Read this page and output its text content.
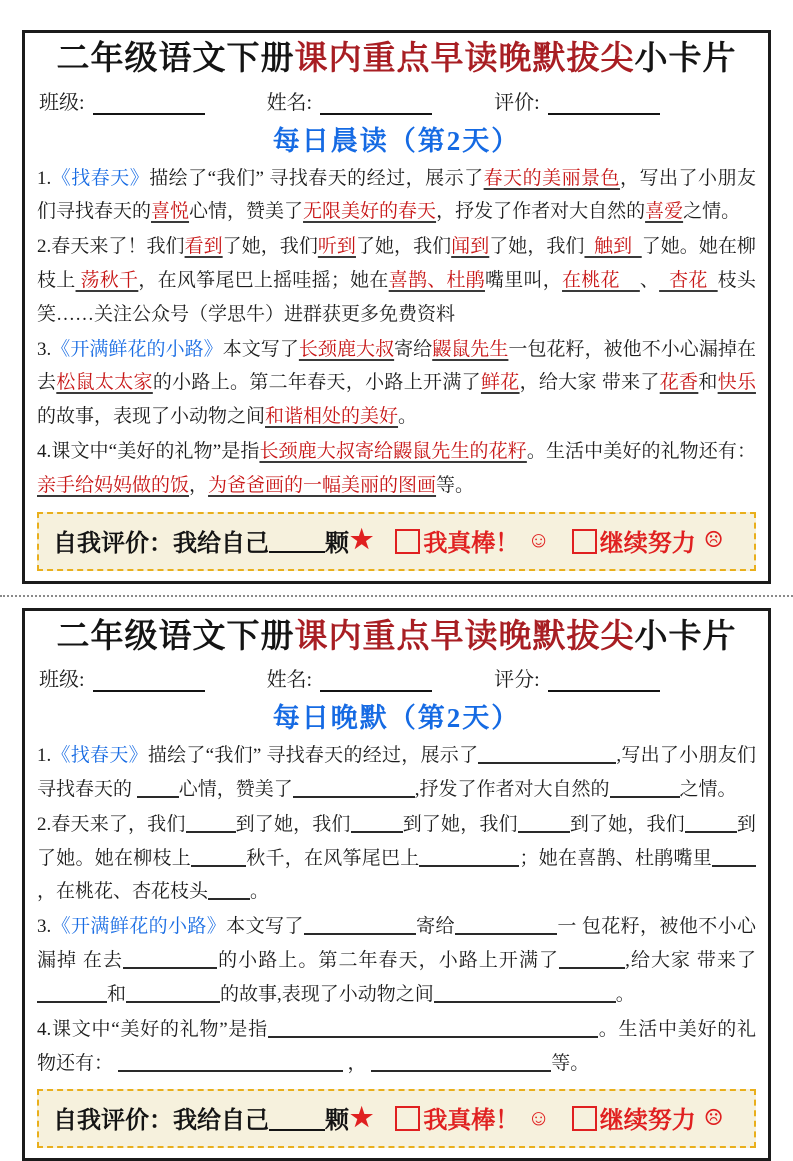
二年级语文下册课内重点早读晚默拔尖小卡片
班级:	姓名:	评价:
每日晨读（第2天）
1.《找春天》描绘了“我们” 寻找春天的经过，展示了春天的美丽景色，写出了小朋友们寻找春天的喜悦心情，赞美了无限美好的春天，抒发了作者对大自然的喜爱之情。
2.春天来了！我们看到了她，我们听到了她，我们闻到了她，我们  触到  了她。她在柳枝上 荡秋千，在风筝尾巴上摇哇摇；她在喜鹊、杜鹃嘴里叫，在桃花    、  杏花  枝头笑……关注公众号（学思牛）进群获更多免费资料
3.《开满鲜花的小路》本文写了长颈鹿大叔寄给鼹鼠先生一包花籽，被他不小心漏掉在去松鼠太太家的小路上。第二年春天，小路上开满了鲜花，给大家 带来了花香和快乐的故事，表现了小动物之间和谐相处的美好。
4.课文中“美好的礼物”是指长颈鹿大叔寄给鼹鼠先生的花籽。生活中美好的礼物还有：亲手给妈妈做的饭，为爸爸画的一幅美丽的图画等。
自我评价：我给自己 颗 ★ 我真棒！ ☺ 继续努力 ☹
二年级语文下册课内重点早读晚默拔尖小卡片
班级:	姓名:	评分:
每日晚默（第2天）
1.《找春天》描绘了“我们” 寻找春天的经过，展示了	,写出了小朋友们寻找春天的 心情，赞美了	,抒发了作者对大自然的	之情。
2.春天来了，我们	到了她，我们	到了她，我们	到了她，我们	到了她。她在柳枝上	秋千，在风筝尾巴上	；她在喜鹊、杜鹃嘴里，在桃花、杏花枝头 。
3.《开满鲜花的小路》本文写了	寄给	一 包花籽，被他不小心漏掉 在去	的小路上。第二年春天，小路上开满了	,给大家 带来了和	的故事,表现了小动物之间	。
4.课文中“美好的礼物”是指	。生活中美好的礼物还有：	，	等。
自我评价：我给自己 颗 ★ 我真棒！ ☺ 继续努力 ☹
